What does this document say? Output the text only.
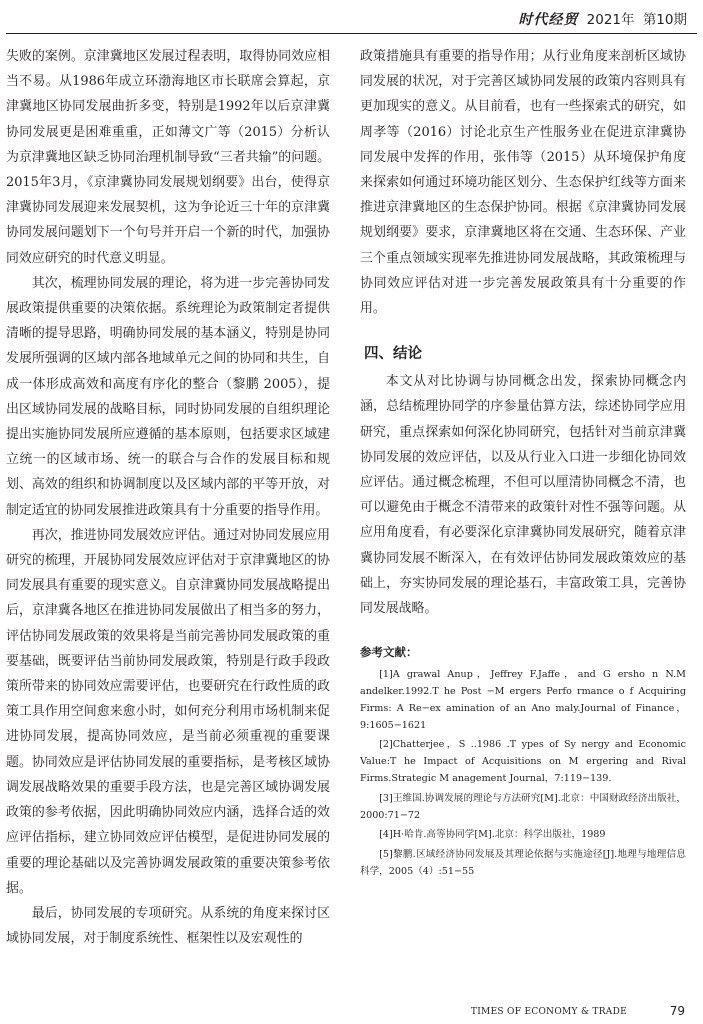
时代经贸 2021年 第10期

失败的案例。京津冀地区发展过程表明，取得协同效应相当不易。从1986年成立环渤海地区市长联席会算起，京津冀地区协同发展曲折多变，特别是1992年以后京津冀协同发展更是困难重重，正如薄文广等（2015）分析认为京津冀地区缺乏协同治理机制导致“三者共输”的问题。2015年3月，《京津冀协同发展规划纲要》出台，使得京津冀协同发展迎来发展契机，这为争论近三十年的京津冀协同发展问题划下一个句号并开启一个新的时代，加强协同效应研究的时代意义明显。

其次，梳理协同发展的理论，将为进一步完善协同发展政策提供重要的决策依据。系统理论为政策制定者提供清晰的提导思路，明确协同发展的基本涵义，特别是协同发展所强调的区域内部各地域单元之间的协同和共生，自成一体形成高效和高度有序化的整合（黎鹏 2005），提出区域协同发展的战略目标，同时协同发展的自组织理论提出实施协同发展所应遵循的基本原则，包括要求区域建立统一的区域市场、统一的联合与合作的发展目标和规划、高效的组织和协调制度以及区域内部的平等开放，对制定适宜的协同发展推进政策具有十分重要的指导作用。

再次，推进协同发展效应评估。通过对协同发展应用研究的梳理，开展协同发展效应评估对于京津冀地区的协同发展具有重要的现实意义。自京津冀协同发展战略提出后，京津冀各地区在推进协同发展做出了相当多的努力，评估协同发展政策的效果将是当前完善协同发展政策的重要基础，既要评估当前协同发展政策，特别是行政手段政策所带来的协同效应需要评估，也要研究在行政性质的政策工具作用空间愈来愈小时，如何充分利用市场机制来促进协同发展，提高协同效应，是当前必须重视的重要课题。协同效应是评估协同发展的重要指标，是考核区域协调发展战略效果的重要手段方法，也是完善区域协调发展政策的参考依据，因此明确协同效应内涵，选择合适的效应评估指标，建立协同效应评估模型，是促进协同发展的重要的理论基础以及完善协调发展政策的重要决策参考依据。

最后，协同发展的专项研究。从系统的角度来探讨区域协同发展，对于制度系统性、框架性以及宏观性的

政策措施具有重要的指导作用；从行业角度来剖析区域协同发展的状况，对于完善区域协同发展的政策内容则具有更加现实的意义。从目前看，也有一些探索式的研究，如周孝等（2016）讨论北京生产性服务业在促进京津冀协同发展中发挥的作用，张伟等（2015）从环境保护角度来探索如何通过环境功能区划分、生态保护红线等方面来推进京津冀地区的生态保护协同。根据《京津冀协同发展规划纲要》要求，京津冀地区将在交通、生态环保、产业三个重点领域实现率先推进协同发展战略，其政策梳理与协同效应评估对进一步完善发展政策具有十分重要的作用。

四、结论

本文从对比协调与协同概念出发，探索协同概念内涵，总结梳理协同学的序参量估算方法，综述协同学应用研究，重点探索如何深化协同研究，包括针对当前京津冀协同发展的效应评估，以及从行业入口进一步细化协同效应评估。通过概念梳理，不但可以厘清协同概念不清，也可以避免由于概念不清带来的政策针对性不强等问题。从应用角度看，有必要深化京津冀协同发展研究，随着京津冀协同发展不断深入，在有效评估协同发展政策效应的基础上，夯实协同发展的理论基石，丰富政策工具，完善协同发展战略。

参考文献：

[1]A grawal Anup，Jeffrey F.Jaffe，and G ersho n N.M andelker.1992.T he Post −M ergers Perfo rmance o f Acquiring Firms: A Re−ex amination of an Ano maly.Journal of Finance，9:1605−1621

[2]Chatterjee，S ..1986 .T ypes of Sy nergy and Economic Value:T he Impact of Acquisitions on M ergering and Rival Firms.Strategic M anagement Journal，7:119−139.

[3]王维国.协调发展的理论与方法研究[M].北京：中国财政经济出版社，2000:71−72

[4]H·哈肯.高等协同学[M].北京：科学出版社，1989

[5]黎鹏.区域经济协同发展及其理论依据与实施途径[J].地理与地理信息科学，2005（4）:51−55

TIMES OF ECONOMY & TRADE	79
